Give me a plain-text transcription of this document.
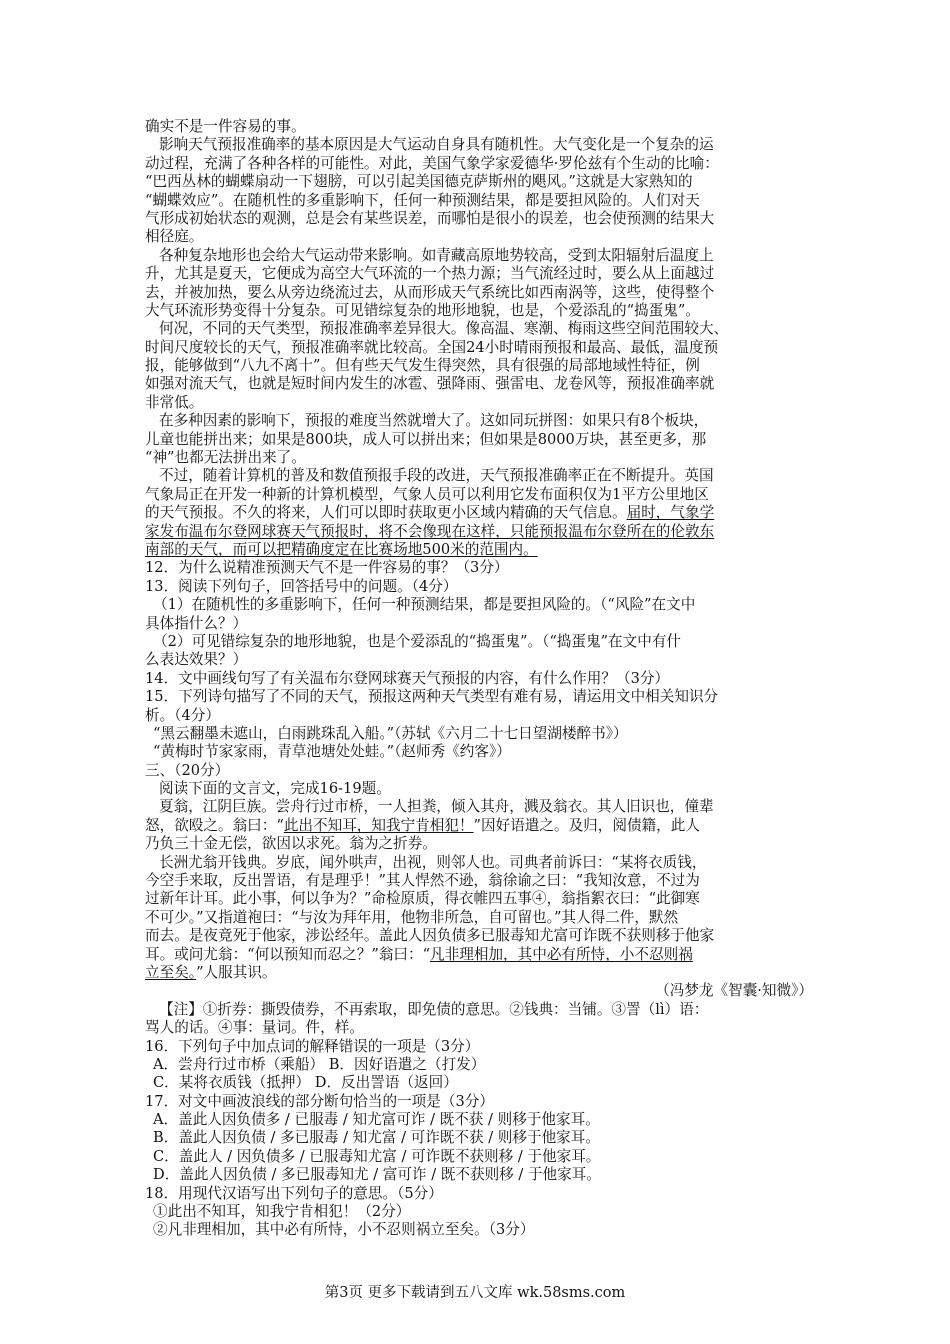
确实不是一件容易的事。
影响天气预报准确率的基本原因是大气运动自身具有随机性。大气变化是一个复杂的运
动过程，充满了各种各样的可能性。对此，美国气象学家爱德华·罗伦兹有个生动的比喻：
“巴西丛林的蝴蝶扇动一下翅膀，可以引起美国德克萨斯州的飓风。”这就是大家熟知的
“蝴蝶效应”。在随机性的多重影响下，任何一种预测结果，都是要担风险的。人们对天
气形成初始状态的观测，总是会有某些误差，而哪怕是很小的误差，也会使预测的结果大
相径庭。
各种复杂地形也会给大气运动带来影响。如青藏高原地势较高，受到太阳辐射后温度上
升，尤其是夏天，它便成为高空大气环流的一个热力源；当气流经过时，要么从上面越过
去，并被加热，要么从旁边绕流过去，从而形成天气系统比如西南涡等，这些，使得整个
大气环流形势变得十分复杂。可见错综复杂的地形地貌，也是，个爱添乱的“捣蛋鬼”。
何况，不同的天气类型，预报准确率差异很大。像高温、寒潮、梅雨这些空间范围较大、
时间尺度较长的天气，预报准确率就比较高。全国24小时晴雨预报和最高、最低，温度预
报，能够做到“八九不离十”。但有些天气发生得突然，具有很强的局部地域性特征，例
如强对流天气，也就是短时间内发生的冰雹、强降雨、强雷电、龙卷风等，预报准确率就
非常低。
在多种因素的影响下，预报的难度当然就增大了。这如同玩拼图：如果只有8个板块，
儿童也能拼出来；如果是800块，成人可以拼出来；但如果是8000万块，甚至更多，那
“神”也都无法拼出来了。
不过，随着计算机的普及和数值预报手段的改进，天气预报准确率正在不断提升。英国
气象局正在开发一种新的计算机模型，气象人员可以利用它发布面积仅为1平方公里地区
的天气预报。不久的将来，人们可以即时获取更小区域内精确的天气信息。届时，气象学
家发布温布尔登网球赛天气预报时，将不会像现在这样，只能预报温布尔登所在的伦敦东
南部的天气，而可以把精确度定在比赛场地500米的范围内。
12．为什么说精准预测天气不是一件容易的事？（3分）
13．阅读下列句子，回答括号中的问题。（4分）
（1）在随机性的多重影响下，任何一种预测结果，都是要担风险的。（“风险”在文中
具体指什么？）
（2）可见错综复杂的地形地貌，也是个爱添乱的“捣蛋鬼”。（“捣蛋鬼”在文中有什
么表达效果？）
14．文中画线句写了有关温布尔登网球赛天气预报的内容，有什么作用？（3分）
15．下列诗句描写了不同的天气，预报这两种天气类型有难有易，请运用文中相关知识分
析。（4分）
“黑云翻墨未遮山，白雨跳珠乱入船。”（苏轼《六月二十七日望湖楼醉书》）
“黄梅时节家家雨，青草池塘处处蛙。”（赵师秀《约客》）
三、（20分）
阅读下面的文言文，完成16-19题。
夏翁，江阴巨族。尝舟行过市桥，一人担粪，倾入其舟，溅及翁衣。其人旧识也，僮辈
怒，欲殴之。翁曰：“此出不知耳，知我宁肯相犯！”因好语遣之。及归，阅债籍，此人
乃负三十金无偿，欲因以求死。翁为之折券。
长洲尤翁开钱典。岁底，闻外哄声，出视，则邻人也。司典者前诉曰：“某将衣质钱，
今空手来取，反出詈语，有是理乎！”其人悍然不逊，翁徐谕之曰：“我知汝意，不过为
过新年计耳。此小事，何以争为？”命检原质，得衣帷四五事④，翁指絮衣曰：“此御寒
不可少。”又指道袍曰：“与汝为拜年用，他物非所急，自可留也。”其人得二件，默然
而去。是夜竟死于他家，涉讼经年。盖此人因负债多已服毒知尤富可诈既不获则移于他家
耳。或问尤翁：“何以预知而忍之？”翁曰：“凡非理相加，其中必有所恃，小不忍则祸
立至矣。”人服其识。
（冯梦龙《智囊·知微》）
【注】①折券：撕毁债券，不再索取，即免债的意思。②钱典：当铺。③詈（lì）语：
骂人的话。④事：量词。件，样。
16．下列句子中加点词的解释错误的一项是（3分）
A．尝舟行过市桥（乘船） B．因好语遣之（打发）
C．某将衣质钱（抵押） D．反出詈语（返回）
17．对文中画波浪线的部分断句恰当的一项是（3分）
A．盖此人因负债多 / 已服毒 / 知尤富可诈 / 既不获 / 则移于他家耳。
B．盖此人因负债 / 多已服毒 / 知尤富 / 可诈既不获 / 则移于他家耳。
C．盖此人 / 因负债多 / 已服毒知尤富 / 可诈既不获则移 / 于他家耳。
D．盖此人因负债 / 多已服毒知尤 / 富可诈 / 既不获则移 / 于他家耳。
18．用现代汉语写出下列句子的意思。（5分）
①此出不知耳，知我宁肯相犯！（2分）
②凡非理相加，其中必有所恃，小不忍则祸立至矣。（3分）
第3页 更多下载请到五八文库 wk.58sms.com
